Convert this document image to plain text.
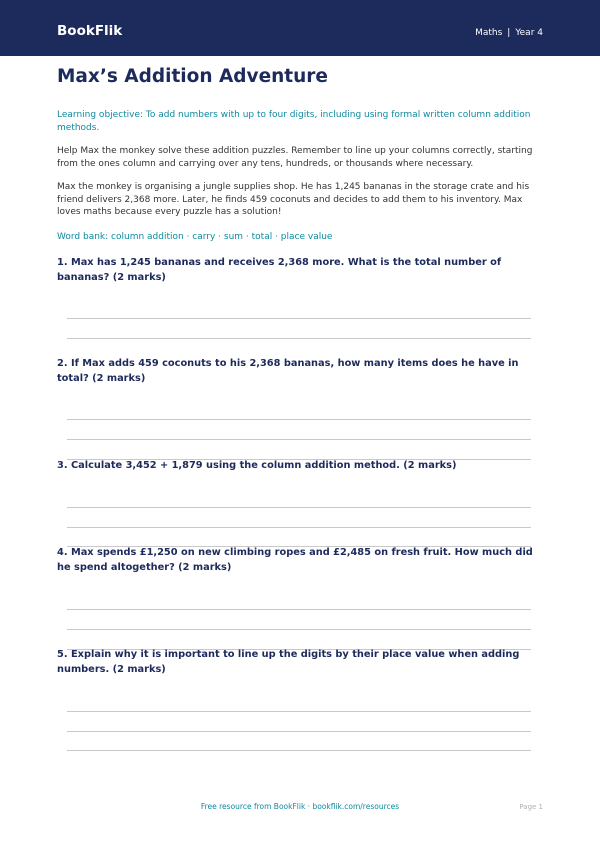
BookFlik	Maths | Year 4
Max’s Addition Adventure

Learning objective: To add numbers with up to four digits, including using formal written column addition methods.

Help Max the monkey solve these addition puzzles. Remember to line up your columns correctly, starting from the ones column and carrying over any tens, hundreds, or thousands where necessary.

Max the monkey is organising a jungle supplies shop. He has 1,245 bananas in the storage crate and his friend delivers 2,368 more. Later, he finds 459 coconuts and decides to add them to his inventory. Max loves maths because every puzzle has a solution!

Word bank: column addition · carry · sum · total · place value

1. Max has 1,245 bananas and receives 2,368 more. What is the total number of bananas? (2 marks)

2. If Max adds 459 coconuts to his 2,368 bananas, how many items does he have in total? (2 marks)

3. Calculate 3,452 + 1,879 using the column addition method. (2 marks)

4. Max spends £1,250 on new climbing ropes and £2,485 on fresh fruit. How much did he spend altogether? (2 marks)

5. Explain why it is important to line up the digits by their place value when adding numbers. (2 marks)

Free resource from BookFlik · bookflik.com/resources	Page 1
